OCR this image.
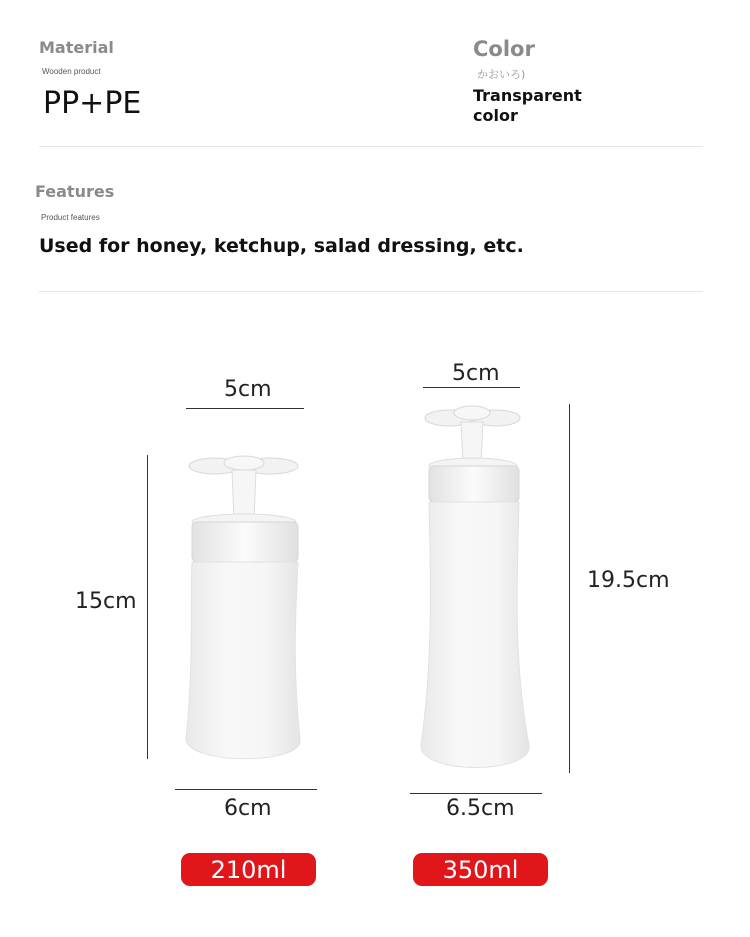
Material
Wooden product
PP+PE
Color
かおいろ)
Transparent
color
Features
Product features
Used for honey, ketchup, salad dressing, etc.
5cm
15cm
6cm
5cm
19.5cm
6.5cm
210ml	350ml
